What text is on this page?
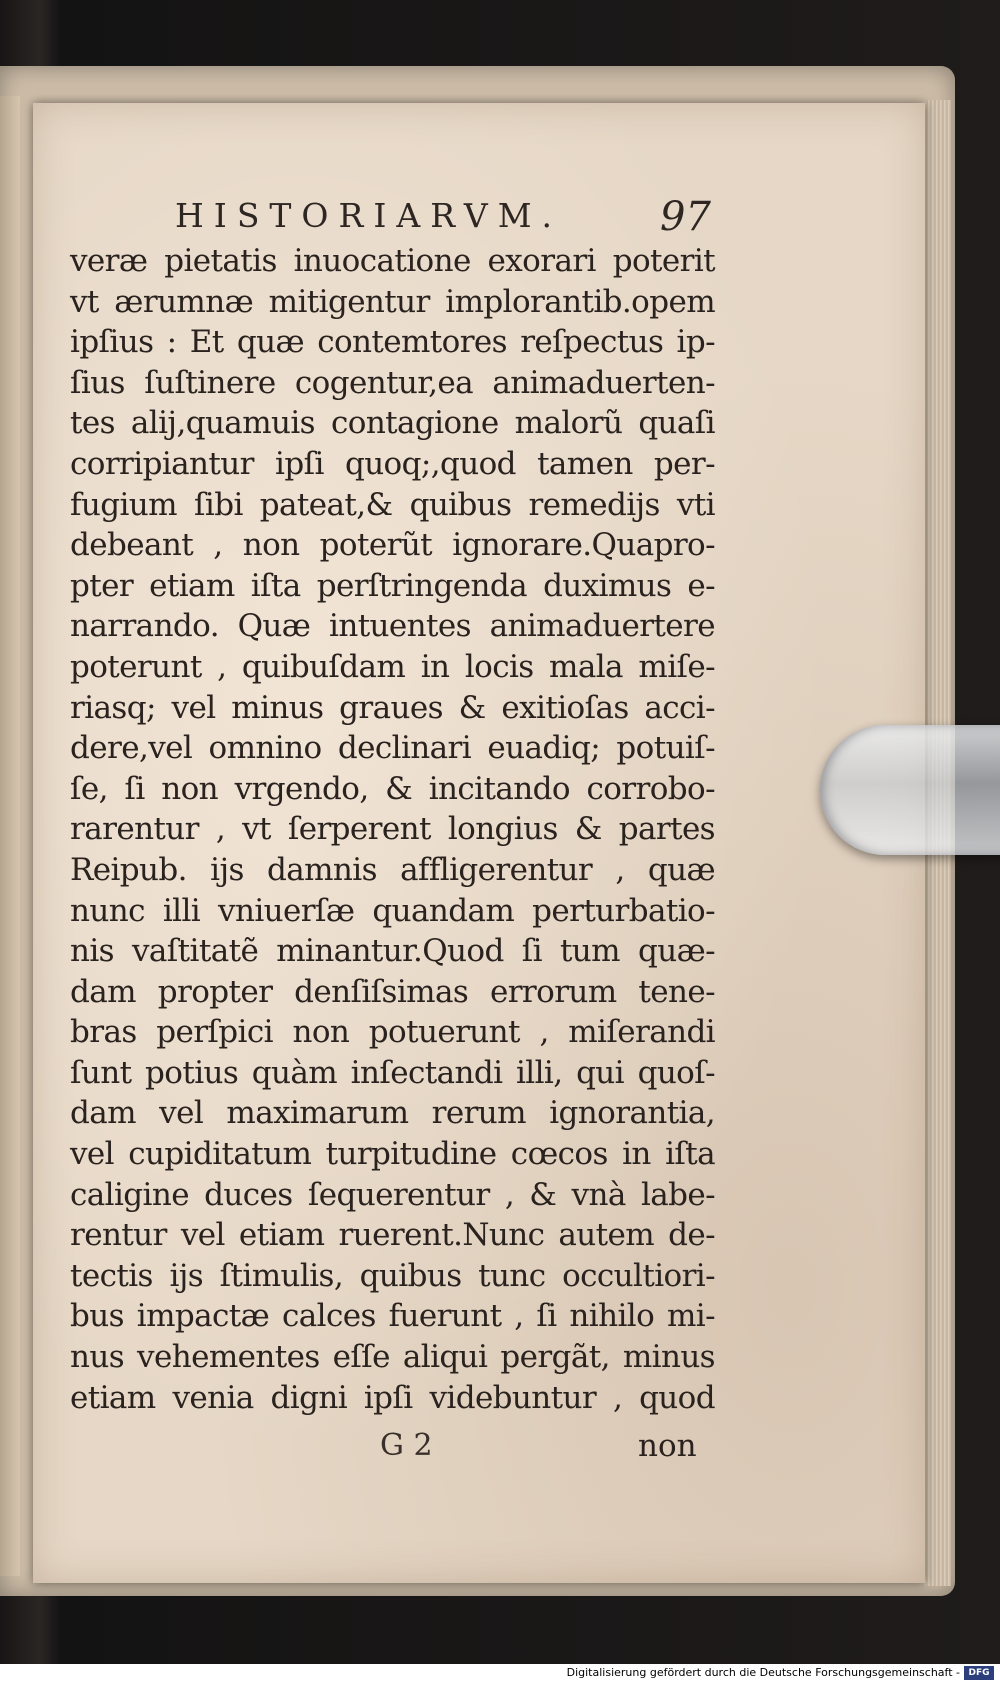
HISTORIARVM. 97
veræ pietatis inuocatione exorari poterit
vt ærumnæ mitigentur implorantib.opem
ipſius : Et quæ contemtores reſpectus ip-
ſius ſuſtinere cogentur,ea animaduerten-
tes alij,quamuis contagione malorũ quaſi
corripiantur ipſi quoq;,quod tamen per-
fugium ſibi pateat,& quibus remedijs vti
debeant , non poterũt ignorare.Quapro-
pter etiam iſta perſtringenda duximus e-
narrando. Quæ intuentes animaduertere
poterunt , quibuſdam in locis mala miſe-
riasq; vel minus graues & exitioſas acci-
dere,vel omnino declinari euadiq; potuiſ-
ſe, ſi non vrgendo, & incitando corrobo-
rarentur , vt ſerperent longius & partes
Reipub. ijs damnis affligerentur , quæ
nunc illi vniuerſæ quandam perturbatio-
nis vaſtitatẽ minantur.Quod ſi tum quæ-
dam propter denſiſsimas errorum tene-
bras perſpici non potuerunt , miſerandi
ſunt potius quàm inſectandi illi, qui quoſ-
dam vel maximarum rerum ignorantia,
vel cupiditatum turpitudine cœcos in iſta
caligine duces ſequerentur , & vnà labe-
rentur vel etiam ruerent.Nunc autem de-
tectis ijs ſtimulis, quibus tunc occultiori-
bus impactæ calces fuerunt , ſi nihilo mi-
nus vehementes eſſe aliqui pergãt, minus
etiam venia digni ipſi videbuntur , quod
G 2	non
Digitalisierung gefördert durch die Deutsche Forschungsgemeinschaft - DFG
